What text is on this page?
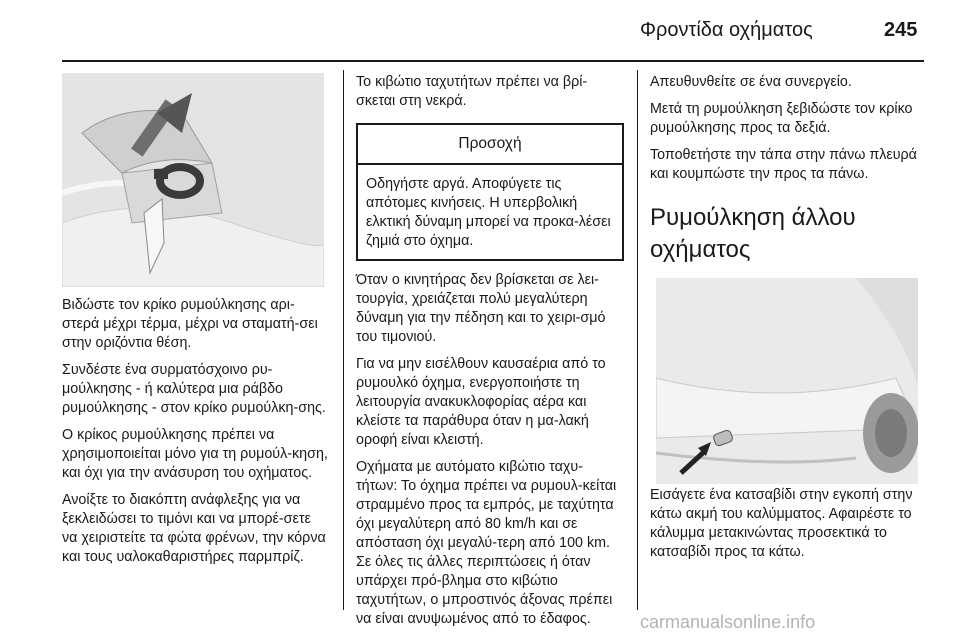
Φροντίδα οχήματος	245

Βιδώστε τον κρίκο ρυμούλκησης αρι-στερά μέχρι τέρμα, μέχρι να σταματή-σει στην οριζόντια θέση.

Συνδέστε ένα συρματόσχοινο ρυ-μούλκησης - ή καλύτερα μια ράβδο ρυμούλκησης - στον κρίκο ρυμούλκη-σης.

Ο κρίκος ρυμούλκησης πρέπει να χρησιμοποιείται μόνο για τη ρυμούλ-κηση, και όχι για την ανάσυρση του οχήματος.

Ανοίξτε το διακόπτη ανάφλεξης για να ξεκλειδώσει το τιμόνι και να μπορέ-σετε να χειριστείτε τα φώτα φρένων, την κόρνα και τους υαλοκαθαριστήρες παρμπρίζ.

Το κιβώτιο ταχυτήτων πρέπει να βρί-σκεται στη νεκρά.

Προσοχή
Οδηγήστε αργά. Αποφύγετε τις απότομες κινήσεις. Η υπερβολική ελκτική δύναμη μπορεί να προκα-λέσει ζημιά στο όχημα.

Όταν ο κινητήρας δεν βρίσκεται σε λει-τουργία, χρειάζεται πολύ μεγαλύτερη δύναμη για την πέδηση και το χειρι-σμό του τιμονιού.

Για να μην εισέλθουν καυσαέρια από το ρυμουλκό όχημα, ενεργοποιήστε τη λειτουργία ανακυκλοφορίας αέρα και κλείστε τα παράθυρα όταν η μα-λακή οροφή είναι κλειστή.

Οχήματα με αυτόματο κιβώτιο ταχυ-τήτων: Το όχημα πρέπει να ρυμουλ-κείται στραμμένο προς τα εμπρός, με ταχύτητα όχι μεγαλύτερη από 80 km/h και σε απόσταση όχι μεγαλύ-τερη από 100 km. Σε όλες τις άλλες περιπτώσεις ή όταν υπάρχει πρό-βλημα στο κιβώτιο ταχυτήτων, ο μπροστινός άξονας πρέπει να είναι ανυψωμένος από το έδαφος.

Απευθυνθείτε σε ένα συνεργείο.

Μετά τη ρυμούλκηση ξεβιδώστε τον κρίκο ρυμούλκησης προς τα δεξιά.

Τοποθετήστε την τάπα στην πάνω πλευρά και κουμπώστε την προς τα πάνω.

Ρυμούλκηση άλλου οχήματος

Εισάγετε ένα κατσαβίδι στην εγκοπή στην κάτω ακμή του καλύμματος. Αφαιρέστε το κάλυμμα μετακινώντας προσεκτικά το κατσαβίδι προς τα κάτω.

carmanualsonline.info
